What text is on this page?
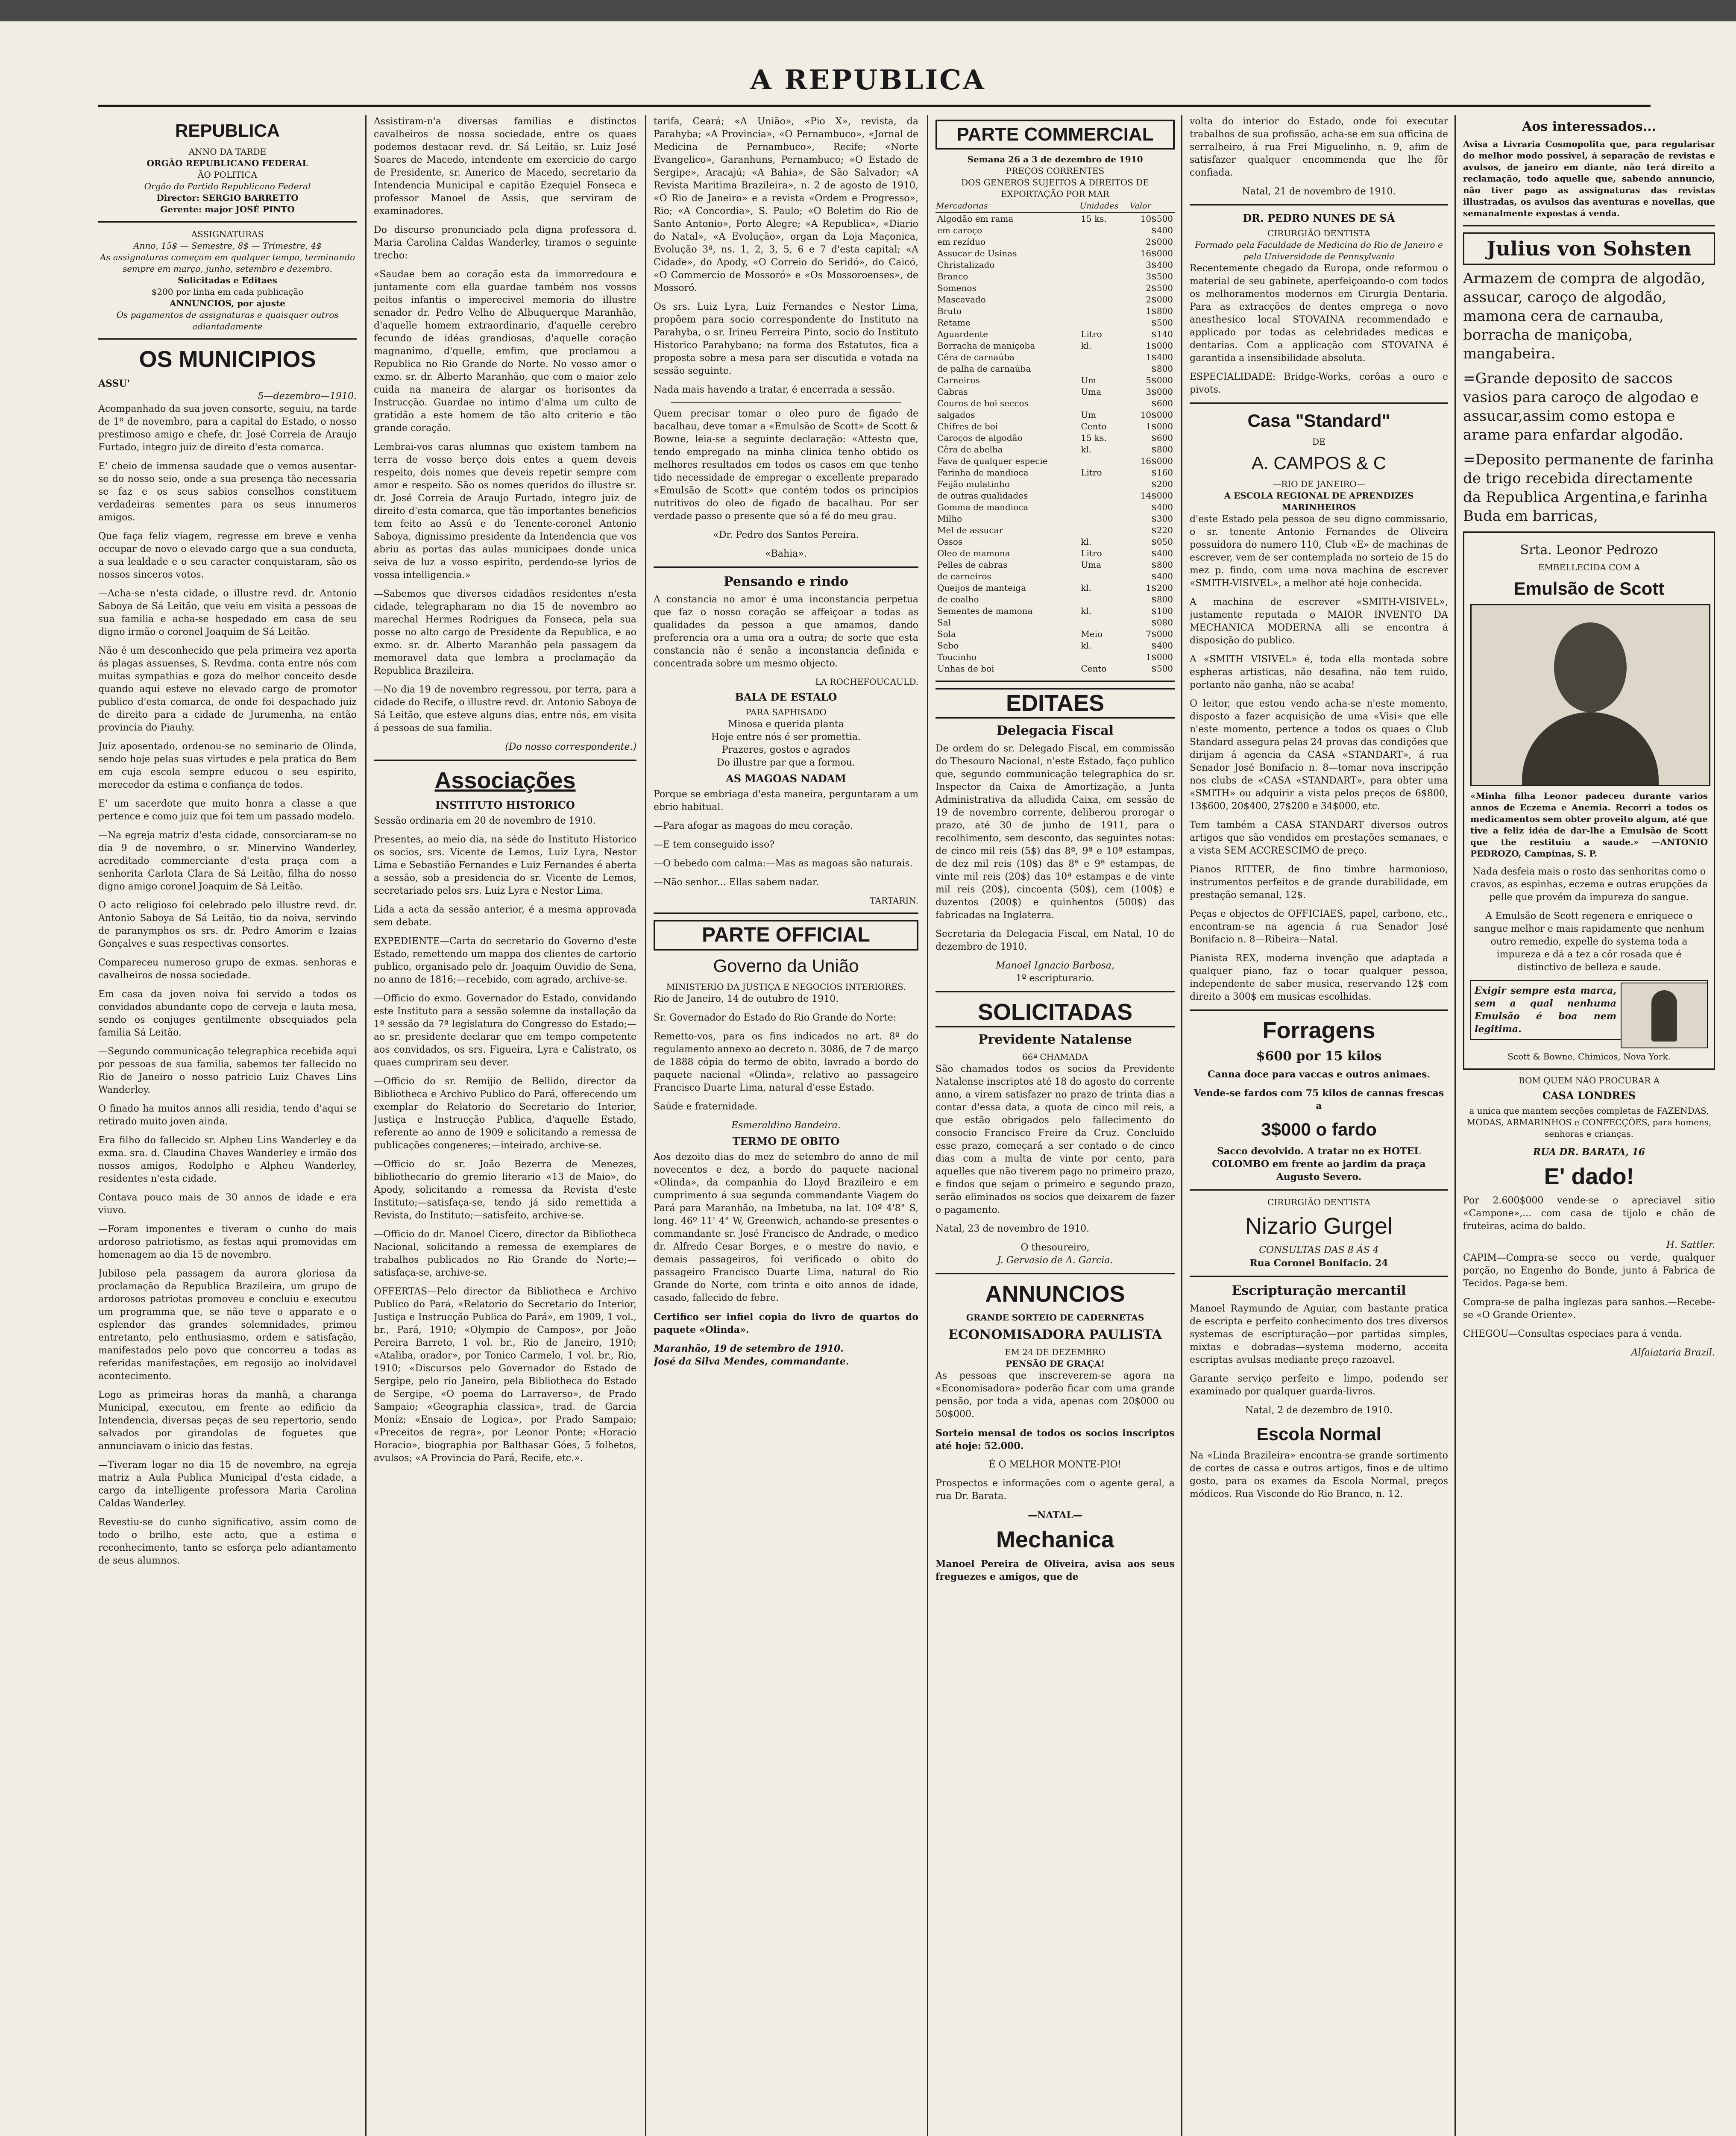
A REPUBLICA
REPUBLICA
ANNO DA TARDE
ORGÃO REPUBLICANO FEDERAL
ÃO POLITICA
Orgão do Partido Republicano Federal
Director: SERGIO BARRETTO
Gerente: major JOSÉ PINTO
ASSIGNATURAS
Anno, 15$ — Semestre, 8$ — Trimestre, 4$
As assignaturas começam em qualquer tempo, terminando sempre em março, junho, setembro e dezembro.
Solicitadas e Editaes
$200 por linha em cada publicação
ANNUNCIOS, por ajuste
Os pagamentos de assignaturas e quaisquer outros adiantadamente
OS MUNICIPIOS
ASSU'
5—dezembro—1910.

Acompanhado da sua joven consorte, seguiu, na tarde de 1º de novembro, para a capital do Estado, o nosso prestimoso amigo e chefe, dr. José Correia de Araujo Furtado, integro juiz de direito d'esta comarca.

E' cheio de immensa saudade que o vemos ausentar-se do nosso seio, onde a sua presença tão necessaria se faz e os seus sabios conselhos constituem verdadeiras sementes para os seus innumeros amigos.

Que faça feliz viagem, regresse em breve e venha occupar de novo o elevado cargo que a sua conducta, a sua lealdade e o seu caracter conquistaram, são os nossos sinceros votos.

—Acha-se n'esta cidade, o illustre revd. dr. Antonio Saboya de Sá Leitão, que veiu em visita a pessoas de sua familia e acha-se hospedado em casa de seu digno irmão o coronel Joaquim de Sá Leitão.

Não é um desconhecido que pela primeira vez aporta ás plagas assuenses, S. Revdma. conta entre nós com muitas sympathias e goza do melhor conceito desde quando aqui esteve no elevado cargo de promotor publico d'esta comarca, de onde foi despachado juiz de direito para a cidade de Jurumenha, na então provincia do Piauhy.

Juiz aposentado, ordenou-se no seminario de Olinda, sendo hoje pelas suas virtudes e pela pratica do Bem em cuja escola sempre educou o seu espirito, merecedor da estima e confiança de todos.

E' um sacerdote que muito honra a classe a que pertence e como juiz que foi tem um passado modelo.

—Na egreja matriz d'esta cidade, consorciaram-se no dia 9 de novembro, o sr. Minervino Wanderley, acreditado commerciante d'esta praça com a senhorita Carlota Clara de Sá Leitão, filha do nosso digno amigo coronel Joaquim de Sá Leitão.

O acto religioso foi celebrado pelo illustre revd. dr. Antonio Saboya de Sá Leitão, tio da noiva, servindo de paranymphos os srs. dr. Pedro Amorim e Izaias Gonçalves e suas respectivas consortes.

Compareceu numeroso grupo de exmas. senhoras e cavalheiros de nossa sociedade.

Em casa da joven noiva foi servido a todos os convidados abundante copo de cerveja e lauta mesa, sendo os conjuges gentilmente obsequiados pela familia Sá Leitão.

—Segundo communicação telegraphica recebida aqui por pessoas de sua familia, sabemos ter fallecido no Rio de Janeiro o nosso patricio Luiz Chaves Lins Wanderley.

O finado ha muitos annos alli residia, tendo d'aqui se retirado muito joven ainda.

Era filho do fallecido sr. Alpheu Lins Wanderley e da exma. sra. d. Claudina Chaves Wanderley e irmão dos nossos amigos, Rodolpho e Alpheu Wanderley, residentes n'esta cidade.

Contava pouco mais de 30 annos de idade e era viuvo.

—Foram imponentes e tiveram o cunho do mais ardoroso patriotismo, as festas aqui promovidas em homenagem ao dia 15 de novembro.

Jubiloso pela passagem da aurora gloriosa da proclamação da Republica Brazileira, um grupo de ardorosos patriotas promoveu e concluiu e executou um programma que, se não teve o apparato e o esplendor das grandes solemnidades, primou entretanto, pelo enthusiasmo, ordem e satisfação, manifestados pelo povo que concorreu a todas as referidas manifestações, em regosijo ao inolvidavel acontecimento.

Logo as primeiras horas da manhã, a charanga Municipal, executou, em frente ao edificio da Intendencia, diversas peças de seu repertorio, sendo salvados por girandolas de foguetes que annunciavam o inicio das festas.

—Tiveram logar no dia 15 de novembro, na egreja matriz a Aula Publica Municipal d'esta cidade, a cargo da intelligente professora Maria Carolina Caldas Wanderley.

Revestiu-se do cunho significativo, assim como de todo o brilho, este acto, que a estima e reconhecimento, tanto se esforça pelo adiantamento de seus alumnos.

Assistiram-n'a diversas familias e distinctos cavalheiros de nossa sociedade, entre os quaes podemos destacar revd. dr. Sá Leitão, sr. Luiz José Soares de Macedo, intendente em exercicio do cargo de Presidente, sr. Americo de Macedo, secretario da Intendencia Municipal e capitão Ezequiel Fonseca e professor Manoel de Assis, que serviram de examinadores.

Do discurso pronunciado pela digna professora d. Maria Carolina Caldas Wanderley, tiramos o seguinte trecho:

«Saudae bem ao coração esta da immorredoura e juntamente com ella guardae também nos vossos peitos infantis o imperecivel memoria do illustre senador dr. Pedro Velho de Albuquerque Maranhão, d'aquelle homem extraordinario, d'aquelle cerebro fecundo de idéas grandiosas, d'aquelle coração magnanimo, d'quelle, emfim, que proclamou a Republica no Rio Grande do Norte. No vosso amor o exmo. sr. dr. Alberto Maranhão, que com o maior zelo cuida na maneira de alargar os horisontes da Instrucção. Guardae no intimo d'alma um culto de gratidão a este homem de tão alto criterio e tão grande coração.

Lembrai-vos caras alumnas que existem tambem na terra de vosso berço dois entes a quem deveis respeito, dois nomes que deveis repetir sempre com amor e respeito. São os nomes queridos do illustre sr. dr. José Correia de Araujo Furtado, integro juiz de direito d'esta comarca, que tão importantes beneficios tem feito ao Assú e do Tenente-coronel Antonio Saboya, dignissimo presidente da Intendencia que vos abriu as portas das aulas municipaes donde unica seiva de luz a vosso espirito, perdendo-se lyrios de vossa intelligencia.»

—Sabemos que diversos cidadãos residentes n'esta cidade, telegrapharam no dia 15 de novembro ao marechal Hermes Rodrigues da Fonseca, pela sua posse no alto cargo de Presidente da Republica, e ao exmo. sr. dr. Alberto Maranhão pela passagem da memoravel data que lembra a proclamação da Republica Brazileira.

—No dia 19 de novembro regressou, por terra, para a cidade do Recife, o illustre revd. dr. Antonio Saboya de Sá Leitão, que esteve alguns dias, entre nós, em visita á pessoas de sua familia.

(Do nosso correspondente.)
Associações
INSTITUTO HISTORICO

Sessão ordinaria em 20 de novembro de 1910.

Presentes, ao meio dia, na séde do Instituto Historico os socios, srs. Vicente de Lemos, Luiz Lyra, Nestor Lima e Sebastião Fernandes e Luiz Fernandes é aberta a sessão, sob a presidencia do sr. Vicente de Lemos, secretariado pelos srs. Luiz Lyra e Nestor Lima.

Lida a acta da sessão anterior, é a mesma approvada sem debate.

EXPEDIENTE—Carta do secretario do Governo d'este Estado, remettendo um mappa dos clientes de cartorio publico, organisado pelo dr. Joaquim Ouvidio de Sena, no anno de 1816;—recebido, com agrado, archive-se.

—Officio do exmo. Governador do Estado, convidando este Instituto para a sessão solemne da installação da 1ª sessão da 7ª legislatura do Congresso do Estado;—ao sr. presidente declarar que em tempo competente aos convidados, os srs. Figueira, Lyra e Calistrato, os quaes cumpriram seu dever.

—Officio do sr. Remijio de Bellido, director da Bibliotheca e Archivo Publico do Pará, offerecendo um exemplar do Relatorio do Secretario do Interior, Justiça e Instrucção Publica, d'aquelle Estado, referente ao anno de 1909 e solicitando a remessa de publicações congeneres;—inteirado, archive-se.

—Officio do sr. João Bezerra de Menezes, bibliothecario do gremio literario «13 de Maio», do Apody, solicitando a remessa da Revista d'este Instituto;—satisfaça-se, tendo já sido remettida a Revista, do Instituto;—satisfeito, archive-se.

—Officio do dr. Manoel Cicero, director da Bibliotheca Nacional, solicitando a remessa de exemplares de trabalhos publicados no Rio Grande do Norte;—satisfaça-se, archive-se.

OFFERTAS—Pelo director da Bibliotheca e Archivo Publico do Pará, «Relatorio do Secretario do Interior, Justiça e Instrucção Publica do Pará», em 1909, 1 vol., br., Pará, 1910; «Olympio de Campos», por João Pereira Barreto, 1 vol. br., Rio de Janeiro, 1910; «Ataliba, orador», por Tonico Carmelo, 1 vol. br., Rio, 1910; «Discursos pelo Governador do Estado de Sergipe, pelo rio Janeiro, pela Bibliotheca do Estado de Sergipe, «O poema do Larraverso», de Prado Sampaio; «Geographia classica», trad. de Garcia Moniz; «Ensaio de Logica», por Prado Sampaio; «Preceitos de regra», por Leonor Ponte; «Horacio Horacio», biographia por Balthasar Góes, 5 folhetos, avulsos; «A Provincia do Pará, Recife, etc.».

tarifa, Ceará; «A União», «Pio X», revista, da Parahyba; «A Provincia», «O Pernambuco», «Jornal de Medicina de Pernambuco», Recife; «Norte Evangelico», Garanhuns, Pernambuco; «O Estado de Sergipe», Aracajú; «A Bahia», de São Salvador; «A Revista Maritima Brazileira», n. 2 de agosto de 1910, «O Rio de Janeiro» e a revista «Ordem e Progresso», Rio; «A Concordia», S. Paulo; «O Boletim do Rio de Santo Antonio», Porto Alegre; «A Republica», «Diario do Natal», «A Evolução», organ da Loja Maçonica, Evolução 3ª, ns. 1, 2, 3, 5, 6 e 7 d'esta capital; «A Cidade», do Apody, «O Correio do Seridó», do Caicó, «O Commercio de Mossoró» e «Os Mossoroenses», de Mossoró.

Os srs. Luiz Lyra, Luiz Fernandes e Nestor Lima, propõem para socio correspondente do Instituto na Parahyba, o sr. Irineu Ferreira Pinto, socio do Instituto Historico Parahybano; na forma dos Estatutos, fica a proposta sobre a mesa para ser discutida e votada na sessão seguinte.

Nada mais havendo a tratar, é encerrada a sessão.

Quem precisar tomar o oleo puro de figado de bacalhau, deve tomar a «Emulsão de Scott» de Scott & Bowne, leia-se a seguinte declaração: «Attesto que, tendo empregado na minha clinica tenho obtido os melhores resultados em todos os casos em que tenho tido necessidade de empregar o excellente preparado «Emulsão de Scott» que contém todos os principios nutritivos do oleo de figado de bacalhau. Por ser verdade passo o presente que só a fé do meu grau.

«Dr. Pedro dos Santos Pereira.

«Bahia».

Pensando e rindo

A constancia no amor é uma inconstancia perpetua que faz o nosso coração se affeiçoar a todas as qualidades da pessoa a que amamos, dando preferencia ora a uma ora a outra; de sorte que esta constancia não é senão a inconstancia definida e concentrada sobre um mesmo objecto.

LA ROCHEFOUCAULD.
BALA DE ESTALO
PARA SAPHISADO
Minosa e querida planta
Hoje entre nós é ser promettia.
Prazeres, gostos e agrados
Do illustre par que a formou.
AS MAGOAS NADAM

Porque se embriaga d'esta maneira, perguntaram a um ebrio habitual.

—Para afogar as magoas do meu coração.

—E tem conseguido isso?

—O bebedo com calma:—Mas as magoas são naturais.

—Não senhor... Ellas sabem nadar.

TARTARIN.
PARTE OFFICIAL
Governo da União
MINISTERIO DA JUSTIÇA E NEGOCIOS INTERIORES.

Rio de Janeiro, 14 de outubro de 1910.

Sr. Governador do Estado do Rio Grande do Norte:

Remetto-vos, para os fins indicados no art. 8º do regulamento annexo ao decreto n. 3086, de 7 de março de 1888 cópia do termo de obito, lavrado a bordo do paquete nacional «Olinda», relativo ao passageiro Francisco Duarte Lima, natural d'esse Estado.

Saúde e fraternidade.

Esmeraldino Bandeira.
TERMO DE OBITO

Aos dezoito dias do mez de setembro do anno de mil novecentos e dez, a bordo do paquete nacional «Olinda», da companhia do Lloyd Brazileiro e em cumprimento á sua segunda commandante Viagem do Pará para Maranhão, na Imbetuba, na lat. 10º 4'8" S, long. 46º 11' 4" W, Greenwich, achando-se presentes o commandante sr. José Francisco de Andrade, o medico dr. Alfredo Cesar Borges, e o mestre do navio, e demais passageiros, foi verificado o obito do passageiro Francisco Duarte Lima, natural do Rio Grande do Norte, com trinta e oito annos de idade, casado, fallecido de febre.

Certifico ser infiel copia do livro de quartos do paquete «Olinda».

Maranhão, 19 de setembro de 1910.
José da Silva Mendes, commandante.
PARTE COMMERCIAL
Semana 26 a 3 de dezembro de 1910
PREÇOS CORRENTES
DOS GENEROS SUJEITOS A DIREITOS DE EXPORTAÇÃO POR MAR
Mercadorias	Unidades	Valor
Algodão em rama	15 ks.	10$500
em caroço		$400
em rezíduo		2$000
Assucar de Usinas		16$000
Christalizado		3$400
Branco		3$500
Somenos		2$500
Mascavado		2$000
Bruto		1$800
Retame		$500
Aguardente	Litro	$140
Borracha de maniçoba	kl.	1$000
Cêra de carnaúba		1$400
de palha de carnaúba		$800
Carneiros	Um	5$000
Cabras	Uma	3$000
Couros de boi seccos		$600
salgados	Um	10$000
Chifres de boi	Cento	1$000
Caroços de algodão	15 ks.	$600
Cêra de abelha	kl.	$800
Fava de qualquer especie		16$000
Farinha de mandioca	Litro	$160
Feijão mulatinho		$200
de outras qualidades		14$000
Gomma de mandioca		$400
Milho		$300
Mel de assucar		$220
Ossos	kl.	$050
Oleo de mamona	Litro	$400
Pelles de cabras	Uma	$800
de carneiros		$400
Queijos de manteiga	kl.	1$200
de coalho		$800
Sementes de mamona	kl.	$100
Sal		$080
Sola	Meio	7$000
Sebo	kl.	$400
Toucinho		1$000
Unhas de boi	Cento	$500
EDITAES
Delegacia Fiscal

De ordem do sr. Delegado Fiscal, em commissão do Thesouro Nacional, n'este Estado, faço publico que, segundo communicação telegraphica do sr. Inspector da Caixa de Amortização, a Junta Administrativa da alludida Caixa, em sessão de 19 de novembro corrente, deliberou prorogar o prazo, até 30 de junho de 1911, para o recolhimento, sem desconto, das seguintes notas: de cinco mil reis (5$) das 8ª, 9ª e 10ª estampas, de dez mil reis (10$) das 8ª e 9ª estampas, de vinte mil reis (20$) das 10ª estampas e de vinte mil reis (20$), cincoenta (50$), cem (100$) e duzentos (200$) e quinhentos (500$) das fabricadas na Inglaterra.

Secretaria da Delegacia Fiscal, em Natal, 10 de dezembro de 1910.

Manoel Ignacio Barbosa,
1º escripturario.
SOLICITADAS
Previdente Natalense
66ª CHAMADA

São chamados todos os socios da Previdente Natalense inscriptos até 18 do agosto do corrente anno, a virem satisfazer no prazo de trinta dias a contar d'essa data, a quota de cinco mil reis, a que estão obrigados pelo fallecimento do consocio Francisco Freire da Cruz. Concluido esse prazo, começará a ser contado o de cinco dias com a multa de vinte por cento, para aquelles que não tiverem pago no primeiro prazo, e findos que sejam o primeiro e segundo prazo, serão eliminados os socios que deixarem de fazer o pagamento.

Natal, 23 de novembro de 1910.

O thesoureiro,
J. Gervasio de A. Garcia.
ANNUNCIOS
GRANDE SORTEIO DE CADERNETAS
ECONOMISADORA PAULISTA
EM 24 DE DEZEMBRO
PENSÃO DE GRAÇA!

As pessoas que inscreverem-se agora na «Economisadora» poderão ficar com uma grande pensão, por toda a vida, apenas com 20$000 ou 50$000.

Sorteio mensal de todos os socios inscriptos até hoje: 52.000.

É O MELHOR MONTE-PIO!

Prospectos e informações com o agente geral, a rua Dr. Barata.

—NATAL—
Mechanica

Manoel Pereira de Oliveira, avisa aos seus freguezes e amigos, que de

volta do interior do Estado, onde foi executar trabalhos de sua profissão, acha-se em sua officina de serralheiro, á rua Frei Miguelinho, n. 9, afim de satisfazer qualquer encommenda que lhe fôr confiada.

Natal, 21 de novembro de 1910.

DR. PEDRO NUNES DE SÁ
CIRURGIÃO DENTISTA
Formado pela Faculdade de Medicina do Rio de Janeiro e pela Universidade de Pennsylvania

Recentemente chegado da Europa, onde reformou o material de seu gabinete, aperfeiçoando-o com todos os melhoramentos modernos em Cirurgia Dentaria. Para as extracções de dentes emprega o novo anesthesico local STOVAINA recommendado e applicado por todas as celebridades medicas e dentarias. Com a applicação com STOVAINA é garantida a insensibilidade absoluta.

ESPECIALIDADE: Bridge-Works, corôas a ouro e pivots.

Casa "Standard"
DE
A. CAMPOS & C
—RIO DE JANEIRO—
A ESCOLA REGIONAL DE APRENDIZES MARINHEIROS

d'este Estado pela pessoa de seu digno commissario, o sr. tenente Antonio Fernandes de Oliveira possuidora do numero 110, Club «E» de machinas de escrever, vem de ser contemplada no sorteio de 15 do mez p. findo, com uma nova machina de escrever «SMITH-VISIVEL», a melhor até hoje conhecida.

A machina de escrever «SMITH-VISIVEL», justamente reputada o MAIOR INVENTO DA MECHANICA MODERNA alli se encontra á disposição do publico.

A «SMITH VISIVEL» é, toda ella montada sobre espheras artisticas, não desafina, não tem ruido, portanto não ganha, não se acaba!

O leitor, que estou vendo acha-se n'este momento, disposto a fazer acquisição de uma «Visi» que elle n'este momento, pertence a todos os quaes o Club Standard assegura pelas 24 provas das condições que dirijam á agencia da CASA «STANDART», á rua Senador José Bonifacio n. 8—tomar nova inscripção nos clubs de «CASA «STANDART», para obter uma «SMITH» ou adquirir a vista pelos preços de 6$800, 13$600, 20$400, 27$200 e 34$000, etc.

Tem também a CASA STANDART diversos outros artigos que são vendidos em prestações semanaes, e a vista SEM ACCRESCIMO de preço.

Pianos RITTER, de fino timbre harmonioso, instrumentos perfeitos e de grande durabilidade, em prestação semanal, 12$.

Peças e objectos de OFFICIAES, papel, carbono, etc., encontram-se na agencia á rua Senador José Bonifacio n. 8—Ribeira—Natal.

Pianista REX, moderna invenção que adaptada a qualquer piano, faz o tocar qualquer pessoa, independente de saber musica, reservando 12$ com direito a 300$ em musicas escolhidas.

Forragens
$600 por 15 kilos

Canna doce para vaccas e outros animaes.

Vende-se fardos com 75 kilos de cannas frescas a

3$000 o fardo

Sacco devolvido. A tratar no ex HOTEL COLOMBO em frente ao jardim da praça Augusto Severo.

CIRURGIÃO DENTISTA
Nizario Gurgel
CONSULTAS DAS 8 ÁS 4
Rua Coronel Bonifacio. 24
Escripturação mercantil

Manoel Raymundo de Aguiar, com bastante pratica de escripta e perfeito conhecimento dos tres diversos systemas de escripturação—por partidas simples, mixtas e dobradas—systema moderno, acceita escriptas avulsas mediante preço razoavel.

Garante serviço perfeito e limpo, podendo ser examinado por qualquer guarda-livros.

Natal, 2 de dezembro de 1910.

Escola Normal

Na «Linda Brazileira» encontra-se grande sortimento de cortes de cassa e outros artigos, finos e de ultimo gosto, para os exames da Escola Normal, preços módicos. Rua Visconde do Rio Branco, n. 12.

Aos interessados...

Avisa a Livraria Cosmopolita que, para regularisar do melhor modo possivel, á separação de revistas e avulsos, de janeiro em diante, não terá direito a reclamação, todo aquelle que, sabendo annuncio, não tiver pago as assignaturas das revistas illustradas, os avulsos das aventuras e novellas, que semanalmente expostas á venda.

Julius von Sohsten

Armazem de compra de algodão, assucar, caroço de algodão, mamona cera de carnauba, borracha de maniçoba, mangabeira.

=Grande deposito de saccos vasios para caroço de algodao e assucar,assim como estopa e arame para enfardar algodão.

=Deposito permanente de farinha de trigo recebida directamente da Republica Argentina,e farinha Buda em barricas,

Srta. Leonor Pedrozo
EMBELLECIDA COM A
Emulsão de Scott

«Minha filha Leonor padeceu durante varios annos de Eczema e Anemia. Recorri a todos os medicamentos sem obter proveito algum, até que tive a feliz idéa de dar-lhe a Emulsão de Scott que the restituiu a saude.» —ANTONIO PEDROZO, Campinas, S. P.

Nada desfeia mais o rosto das senhoritas como o cravos, as espinhas, eczema e outras erupções da pelle que provém da impureza do sangue.

A Emulsão de Scott regenera e enriquece o sangue melhor e mais rapidamente que nenhum outro remedio, expelle do systema toda a impureza e dá a tez a côr rosada que é distinctivo de belleza e saude.

Exigir sempre esta marca, sem a qual nenhuma Emulsão é boa nem legitima.

Scott & Bowne, Chimicos, Nova York.
BOM QUEM NÃO PROCURAR A
CASA LONDRES

a unica que mantem secções completas de FAZENDAS, MODAS, ARMARINHOS e CONFECÇÕES, para homens, senhoras e crianças.

RUA DR. BARATA, 16
E' dado!

Por 2.600$000 vende-se o apreciavel sitio «Campone»,... com casa de tijolo e chão de fruteiras, acima do baldo.

H. Sattler.

CAPIM—Compra-se secco ou verde, qualquer porção, no Engenho do Bonde, junto á Fabrica de Tecidos. Paga-se bem.

Compra-se de palha inglezas para sanhos.—Recebe-se «O Grande Oriente».

CHEGOU—Consultas especiaes para á venda.

Alfaiataria Brazil.
